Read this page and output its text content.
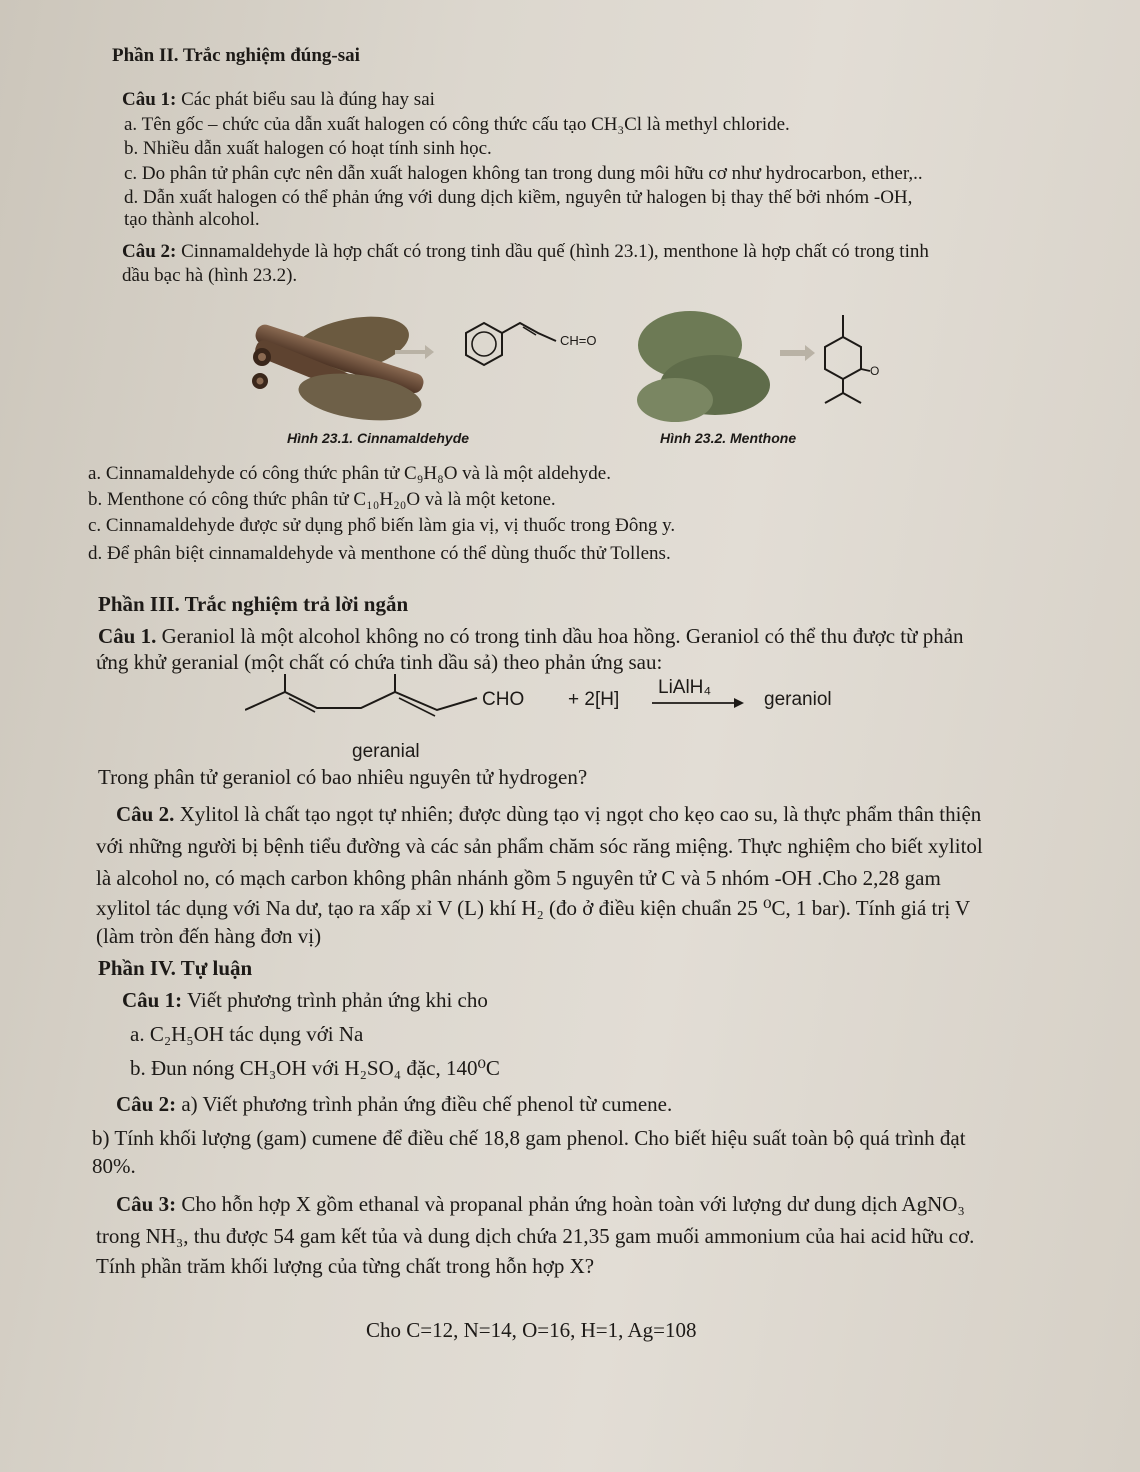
Phần II. Trắc nghiệm đúng-sai
Câu 1: Các phát biểu sau là đúng hay sai
a. Tên gốc – chức của dẫn xuất halogen có công thức cấu tạo CH₃Cl là methyl chloride.
b. Nhiều dẫn xuất halogen có hoạt tính sinh học.
c. Do phân tử phân cực nên dẫn xuất halogen không tan trong dung môi hữu cơ như hydrocarbon, ether,..
d. Dẫn xuất halogen có thể phản ứng với dung dịch kiềm, nguyên tử halogen bị thay thế bởi nhóm -OH,
tạo thành alcohol.
Câu 2: Cinnamaldehyde là hợp chất có trong tinh dầu quế (hình 23.1), menthone là hợp chất có trong tinh
dầu bạc hà (hình 23.2).
CH=O
Hình 23.1. Cinnamaldehyde
O
Hình 23.2. Menthone
a. Cinnamaldehyde có công thức phân tử C₉H₈O và là một aldehyde.
b. Menthone có công thức phân tử C₁₀H₂₀O và là một ketone.
c. Cinnamaldehyde được sử dụng phổ biến làm gia vị, vị thuốc trong Đông y.
d. Để phân biệt cinnamaldehyde và menthone có thể dùng thuốc thử Tollens.
Phần III. Trắc nghiệm trả lời ngắn
Câu 1. Geraniol là một alcohol không no có trong tinh dầu hoa hồng. Geraniol có thể thu được từ phản
ứng khử geranial (một chất có chứa tinh dầu sả) theo phản ứng sau:
CHO + 2[H]
LiAlH₄
geraniol
geranial
Trong phân tử geraniol có bao nhiêu nguyên tử hydrogen?
Câu 2. Xylitol là chất tạo ngọt tự nhiên; được dùng tạo vị ngọt cho kẹo cao su, là thực phẩm thân thiện
với những người bị bệnh tiểu đường và các sản phẩm chăm sóc răng miệng. Thực nghiệm cho biết xylitol
là alcohol no, có mạch carbon không phân nhánh gồm 5 nguyên tử C và 5 nhóm -OH .Cho 2,28 gam
xylitol tác dụng với Na dư, tạo ra xấp xỉ V (L) khí H₂ (đo ở điều kiện chuẩn 25 ⁰C, 1 bar). Tính giá trị V
(làm tròn đến hàng đơn vị)
Phần IV. Tự luận
Câu 1: Viết phương trình phản ứng khi cho
a. C₂H₅OH tác dụng với Na
b. Đun nóng CH₃OH với H₂SO₄ đặc, 140⁰C
Câu 2: a) Viết phương trình phản ứng điều chế phenol từ cumene.
b) Tính khối lượng (gam) cumene để điều chế 18,8 gam phenol. Cho biết hiệu suất toàn bộ quá trình đạt
80%.
Câu 3: Cho hỗn hợp X gồm ethanal và propanal phản ứng hoàn toàn với lượng dư dung dịch AgNO₃
trong NH₃, thu được 54 gam kết tủa và dung dịch chứa 21,35 gam muối ammonium của hai acid hữu cơ.
Tính phần trăm khối lượng của từng chất trong hỗn hợp X?
Cho C=12, N=14, O=16, H=1, Ag=108
